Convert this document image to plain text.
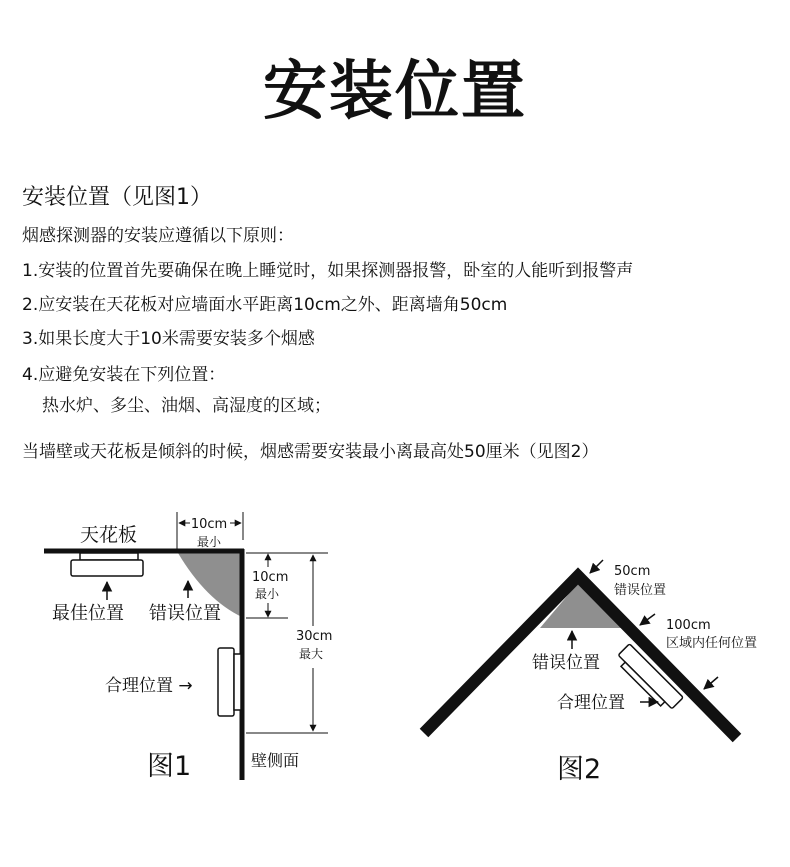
安装位置
安装位置（见图1）
烟感探测器的安装应遵循以下原则：
1.安装的位置首先要确保在晚上睡觉时，如果探测器报警，卧室的人能听到报警声
2.应安装在天花板对应墙面水平距离10cm之外、距离墙角50cm
3.如果长度大于10米需要安装多个烟感
4.应避免安装在下列位置：
热水炉、多尘、油烟、高湿度的区域；
当墙壁或天花板是倾斜的时候，烟感需要安装最小离最高处50厘米（见图2）
10cm
最小
天花板
10cm
最小
30cm
最大
最佳位置 错误位置
合理位置 →
壁侧面
图1
50cm
错误位置
100cm
区域内任何位置
错误位置
合理位置
图2
